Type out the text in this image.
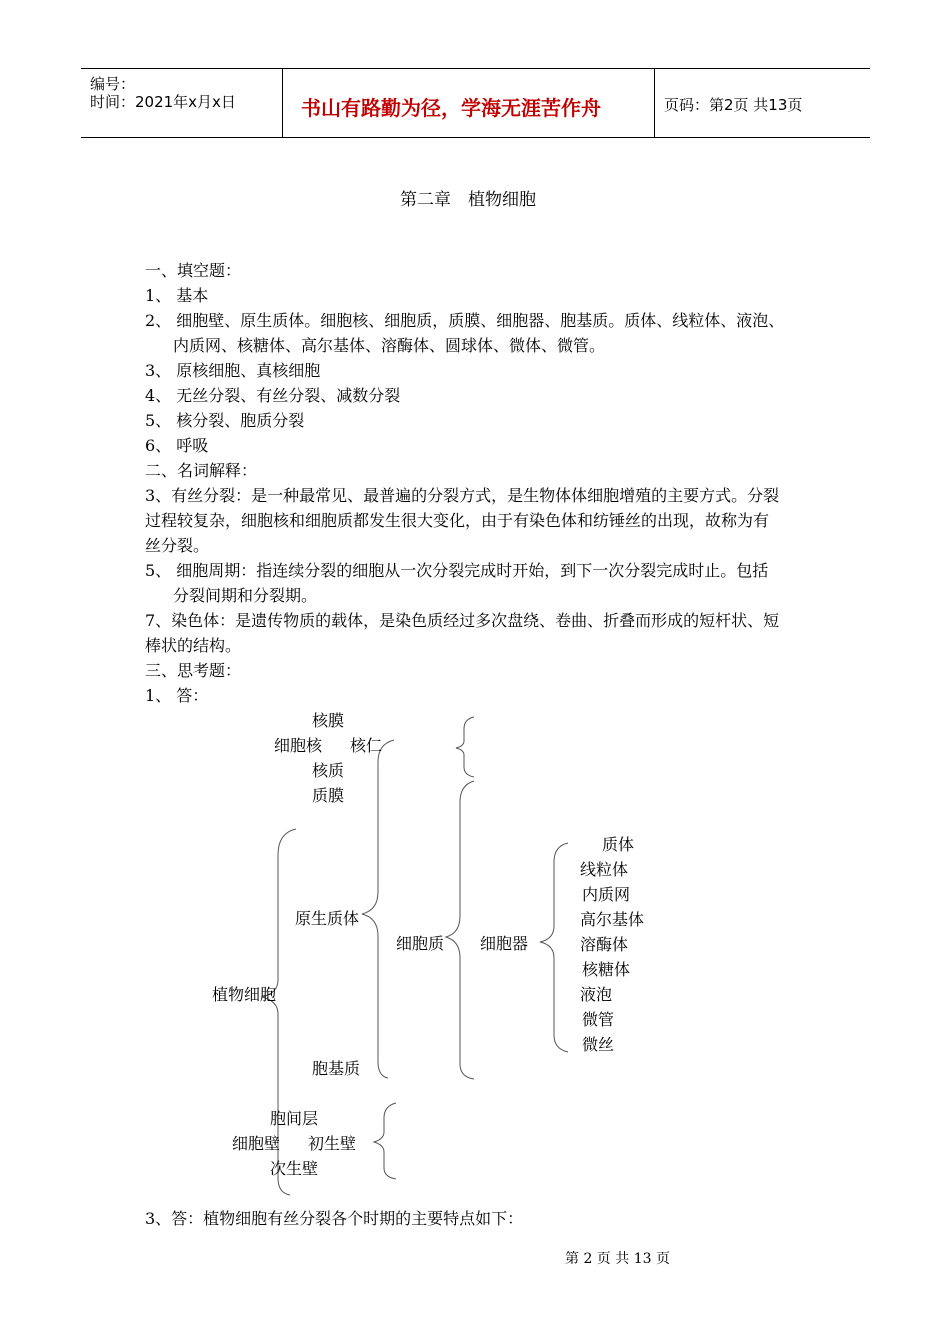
编号：
时间：2021年x月x日	书山有路勤为径，学海无涯苦作舟	页码：第2页 共13页
第二章　植物细胞
一、填空题：
1、 基本
2、 细胞壁、原生质体。细胞核、细胞质，质膜、细胞器、胞基质。质体、线粒体、液泡、
内质网、核糖体、高尔基体、溶酶体、圆球体、微体、微管。
3、 原核细胞、真核细胞
4、 无丝分裂、有丝分裂、减数分裂
5、 核分裂、胞质分裂
6、 呼吸
二、名词解释：
3、有丝分裂：是一种最常见、最普遍的分裂方式，是生物体体细胞增殖的主要方式。分裂
过程较复杂，细胞核和细胞质都发生很大变化，由于有染色体和纺锤丝的出现，故称为有
丝分裂。
5、 细胞周期：指连续分裂的细胞从一次分裂完成时开始，到下一次分裂完成时止。包括
分裂间期和分裂期。
7、染色体：是遗传物质的载体，是染色质经过多次盘绕、卷曲、折叠而形成的短杆状、短
棒状的结构。
三、思考题：
1、 答：
核膜
细胞核 核仁
核质
质膜
原生质体
细胞质 细胞器
植物细胞
胞基质
质体
线粒体
内质网
高尔基体
溶酶体
核糖体
液泡
微管
微丝
胞间层
细胞壁 初生壁
次生壁
3、答：植物细胞有丝分裂各个时期的主要特点如下：
第 2 页 共 13 页
